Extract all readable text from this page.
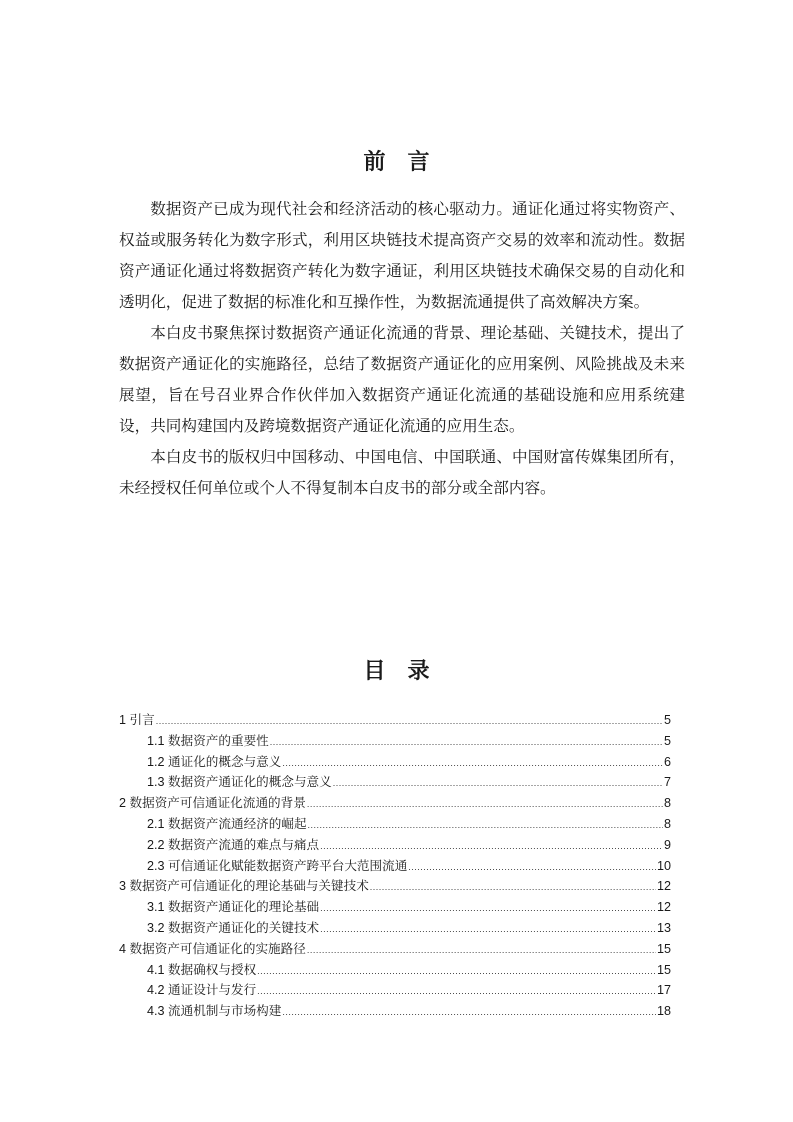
前　言

数据资产已成为现代社会和经济活动的核心驱动力。通证化通过将实物资产、权益或服务转化为数字形式，利用区块链技术提高资产交易的效率和流动性。数据资产通证化通过将数据资产转化为数字通证，利用区块链技术确保交易的自动化和透明化，促进了数据的标准化和互操作性，为数据流通提供了高效解决方案。

本白皮书聚焦探讨数据资产通证化流通的背景、理论基础、关键技术，提出了数据资产通证化的实施路径，总结了数据资产通证化的应用案例、风险挑战及未来展望，旨在号召业界合作伙伴加入数据资产通证化流通的基础设施和应用系统建设，共同构建国内及跨境数据资产通证化流通的应用生态。

本白皮书的版权归中国移动、中国电信、中国联通、中国财富传媒集团所有，未经授权任何单位或个人不得复制本白皮书的部分或全部内容。

目　录
1 引言 .....	5
1.1 数据资产的重要性 .....	5
1.2 通证化的概念与意义 .....	6
1.3 数据资产通证化的概念与意义 .....	7
2 数据资产可信通证化流通的背景 .....	8
2.1 数据资产流通经济的崛起 .....	8
2.2 数据资产流通的难点与痛点 .....	9
2.3 可信通证化赋能数据资产跨平台大范围流通 .....	10
3 数据资产可信通证化的理论基础与关键技术 .....	12
3.1 数据资产通证化的理论基础 .....	12
3.2 数据资产通证化的关键技术 .....	13
4 数据资产可信通证化的实施路径 .....	15
4.1 数据确权与授权 .....	15
4.2 通证设计与发行 .....	17
4.3 流通机制与市场构建 .....	18
